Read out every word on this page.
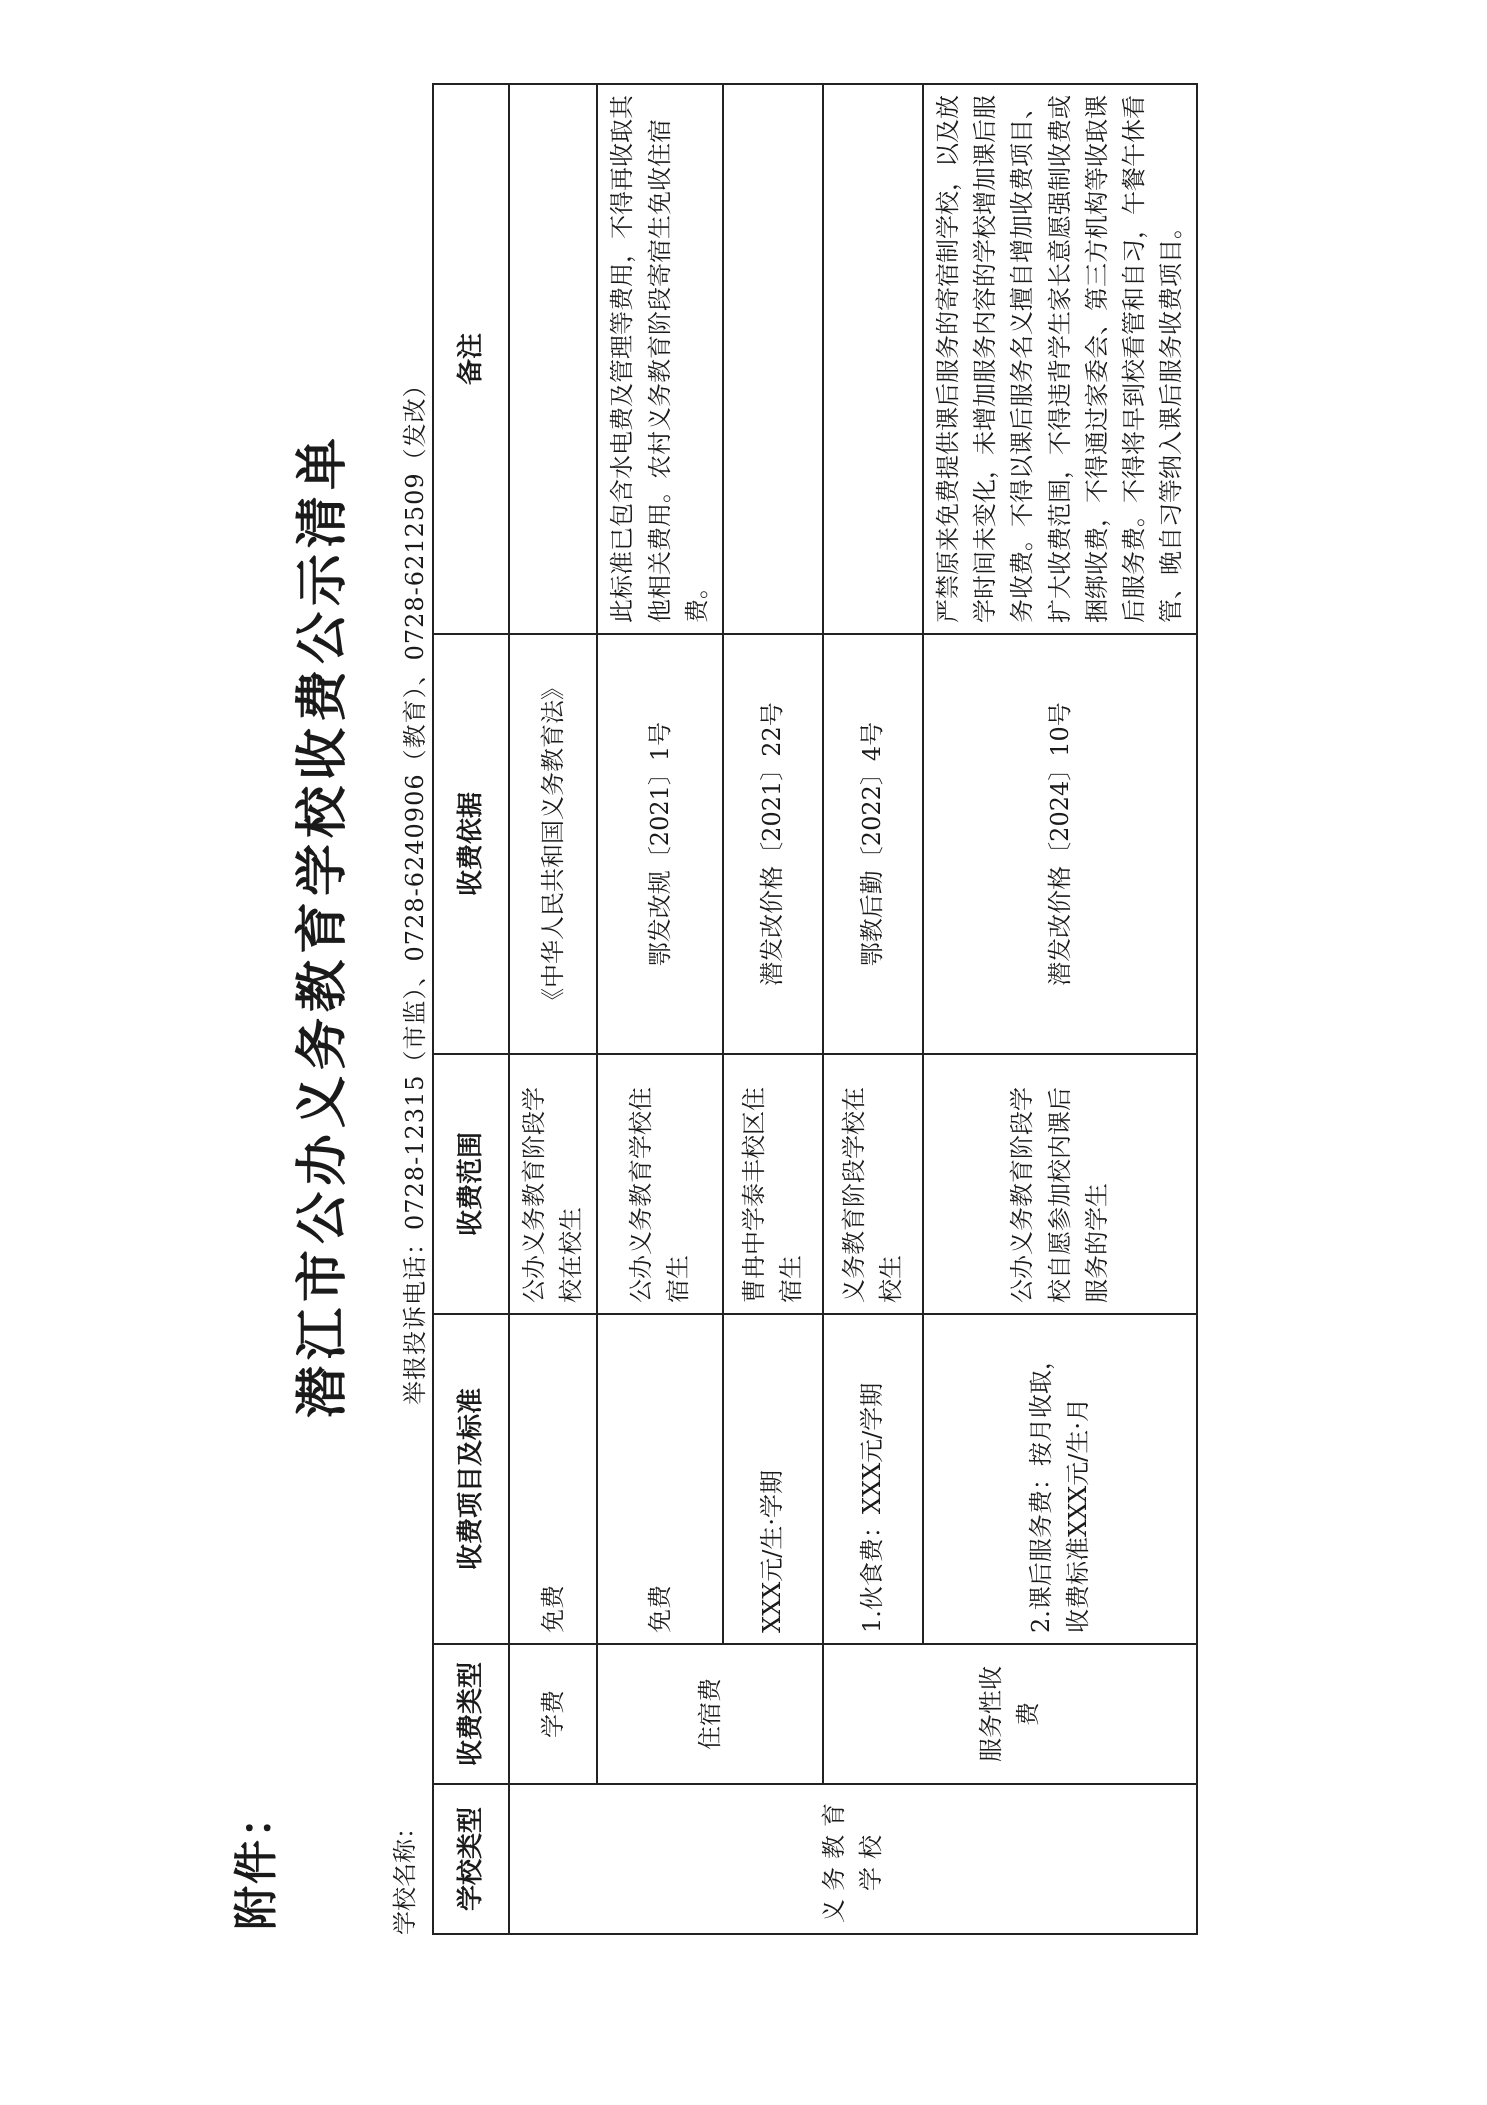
附件：
潜江市公办义务教育学校收费公示清单
学校名称：
举报投诉电话：0728-12315（市监）、0728-6240906（教育）、0728-6212509（发改）
学校类型	收费类型	收费项目及标准	收费范围	收费依据	备注
义务教育学校	学费	免费	公办义务教育阶段学校在校生	《中华人民共和国义务教育法》	
	住宿费	免费	公办义务教育学校住宿生	鄂发改规〔2021〕1号	此标准已包含水电费及管理等费用，不得再收取其他相关费用。农村义务教育阶段寄宿生免收住宿费。
		XXX元/生·学期	曹冉中学泰丰校区住宿生	潜发改价格〔2021〕22号	
	服务性收费	1.伙食费：XXX元/学期	义务教育阶段学校在校生	鄂教后勤〔2022〕4号	
		2.课后服务费：按月收取，收费标准XXX元/生·月	公办义务教育阶段学校自愿参加校内课后服务的学生	潜发改价格〔2024〕10号	严禁原来免费提供课后服务的寄宿制学校，以及放学时间未变化，未增加服务内容的学校增加课后服务收费。不得以课后服务名义擅自增加收费项目、扩大收费范围，不得违背学生家长意愿强制收费或捆绑收费，不得通过家委会、第三方机构等收取课后服务费。不得将早到校看管和自习，午餐午休看管、晚自习等纳入课后服务收费项目。
